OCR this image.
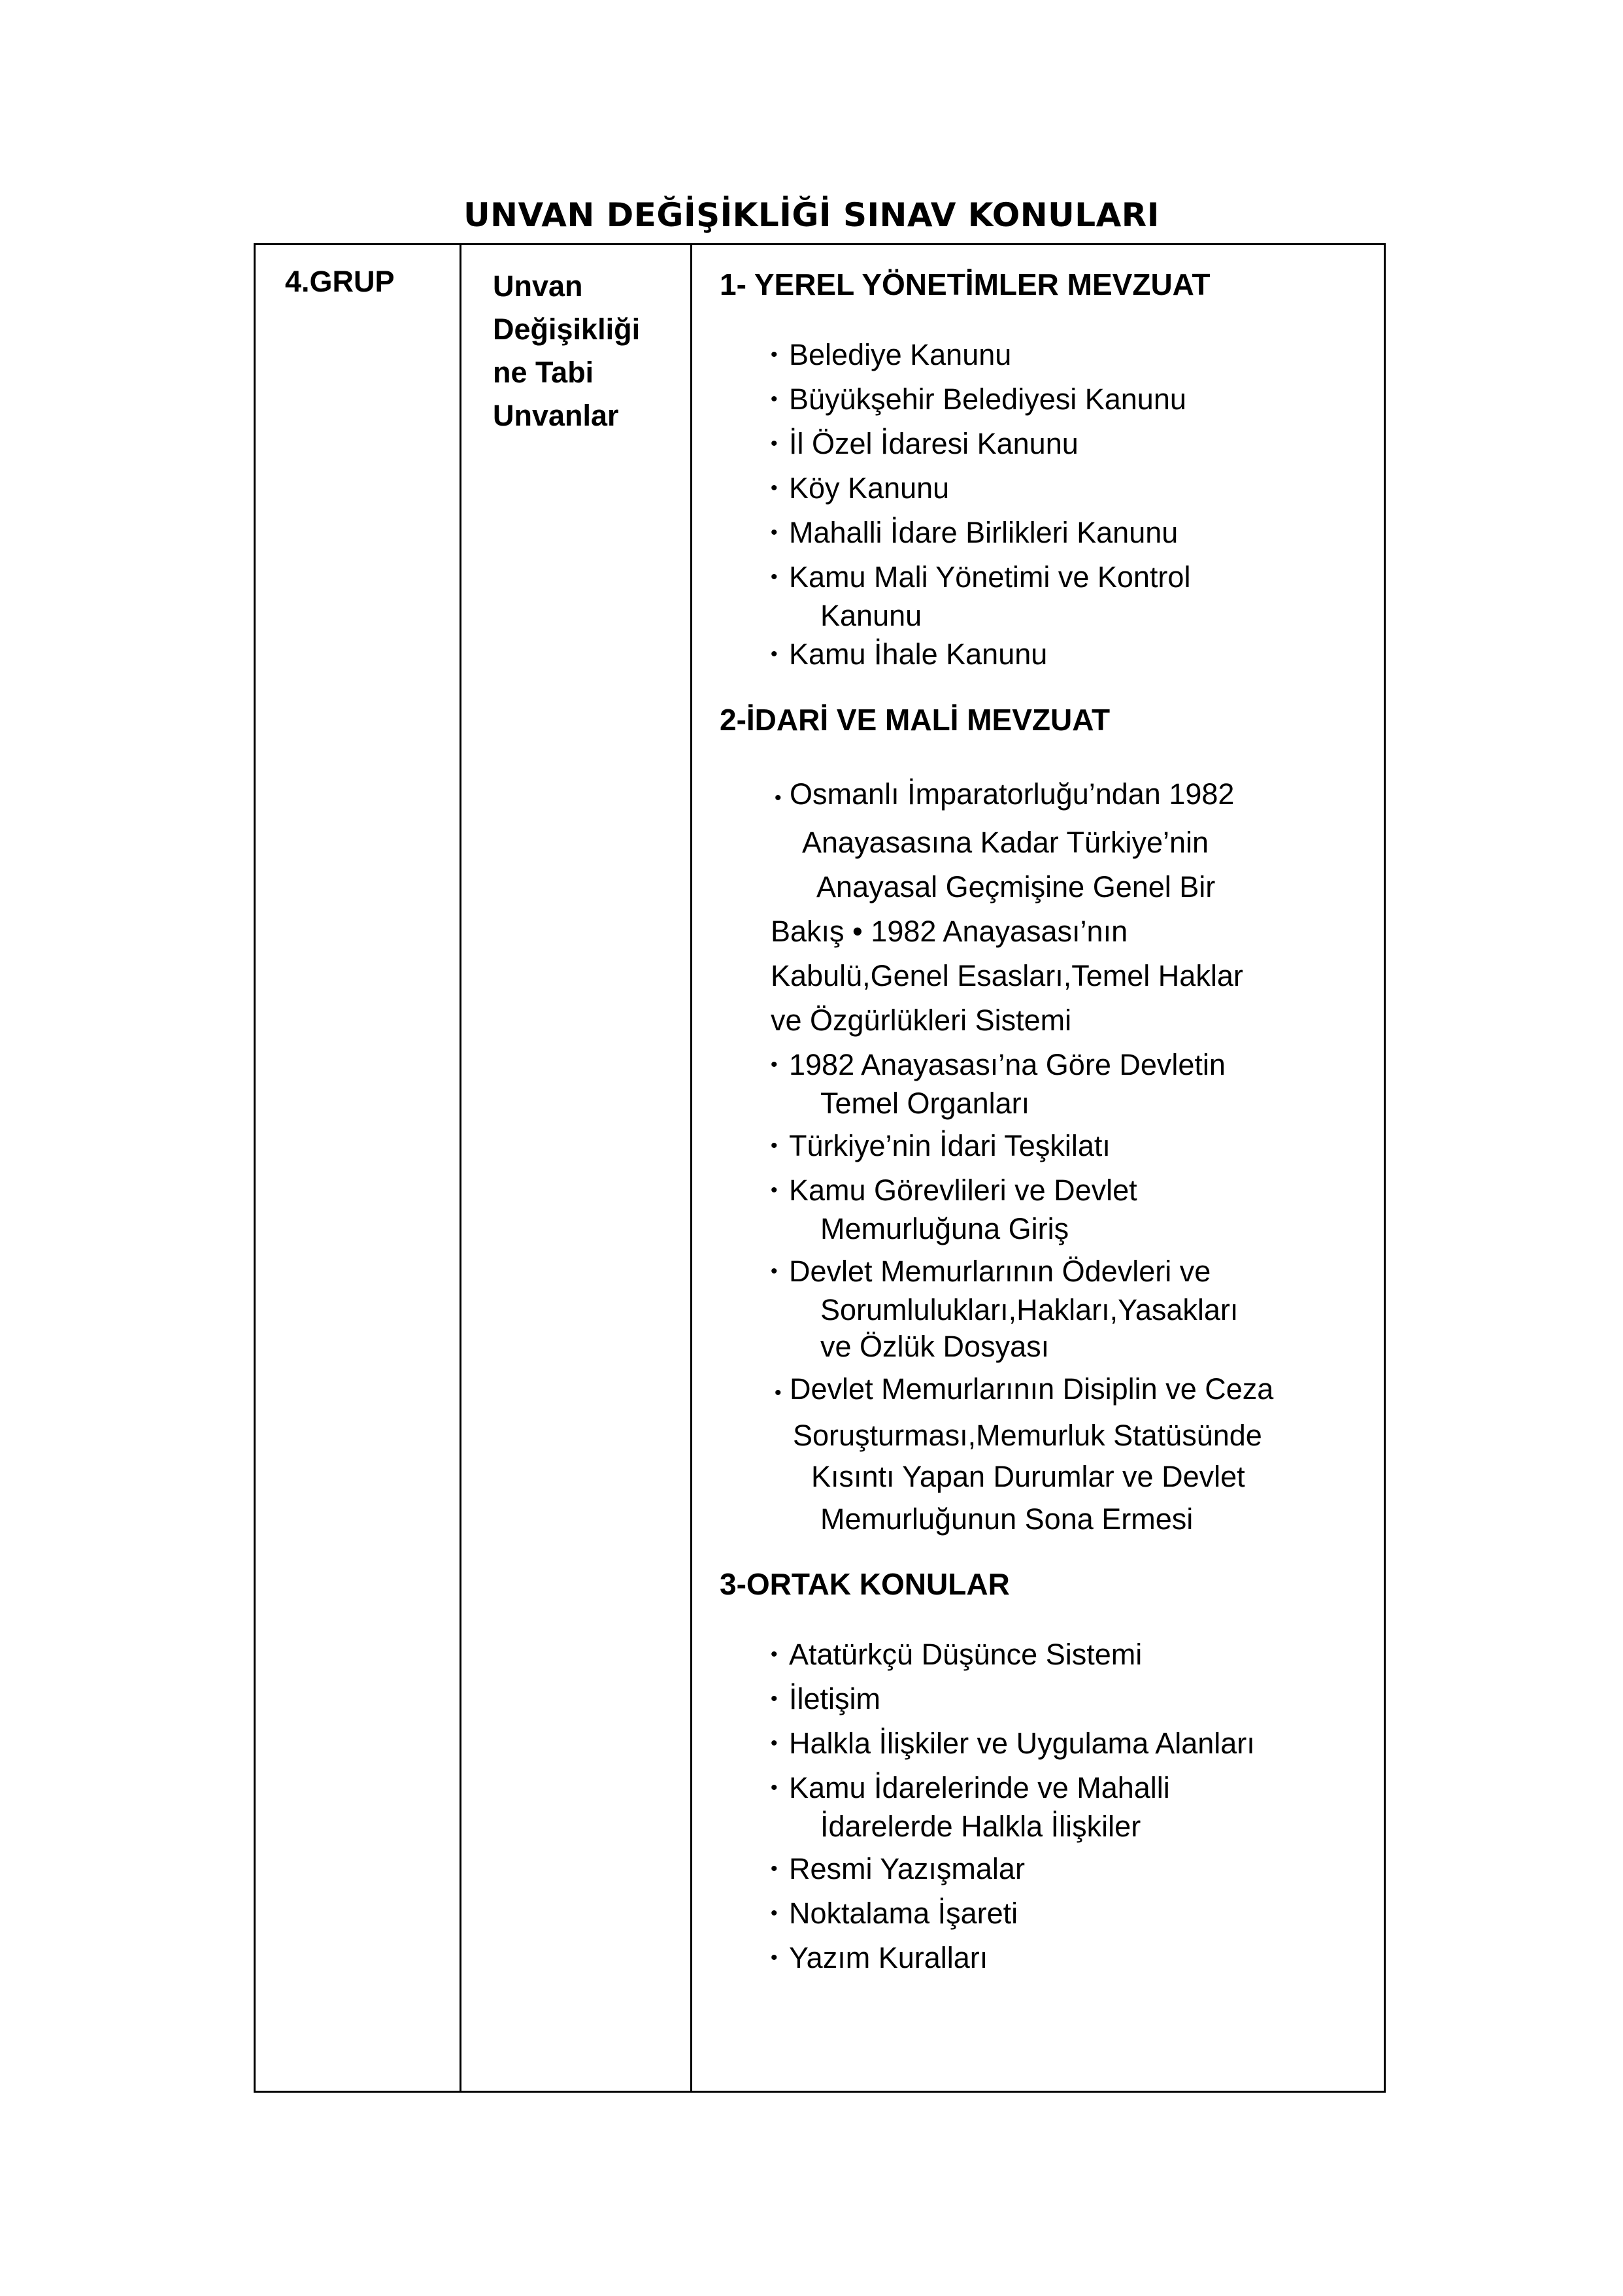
UNVAN DEĞİŞİKLİĞİ SINAV KONULARI
4.GRUP	Unvan
Değişikliği
ne Tabi
Unvanlar

1- YEREL YÖNETİMLER MEVZUAT

• Belediye Kanunu
• Büyükşehir Belediyesi Kanunu
• İl Özel İdaresi Kanunu
• Köy Kanunu
• Mahalli İdare Birlikleri Kanunu
• Kamu Mali Yönetimi ve Kontrol
Kanunu
• Kamu İhale Kanunu

2-İDARİ VE MALİ MEVZUAT

• Osmanlı İmparatorluğu’ndan 1982
Anayasasına Kadar Türkiye’nin
Anayasal Geçmişine Genel Bir
Bakış • 1982 Anayasası’nın
Kabulü,Genel Esasları,Temel Haklar
ve Özgürlükleri Sistemi
• 1982 Anayasası’na Göre Devletin
Temel Organları
• Türkiye’nin İdari Teşkilatı
• Kamu Görevlileri ve Devlet
Memurluğuna Giriş
• Devlet Memurlarının Ödevleri ve
Sorumlulukları,Hakları,Yasakları
ve Özlük Dosyası
• Devlet Memurlarının Disiplin ve Ceza
Soruşturması,Memurluk Statüsünde
Kısıntı Yapan Durumlar ve Devlet
Memurluğunun Sona Ermesi

3-ORTAK KONULAR

• Atatürkçü Düşünce Sistemi
• İletişim
• Halkla İlişkiler ve Uygulama Alanları
• Kamu İdarelerinde ve Mahalli
İdarelerde Halkla İlişkiler
• Resmi Yazışmalar
• Noktalama İşareti
• Yazım Kuralları
